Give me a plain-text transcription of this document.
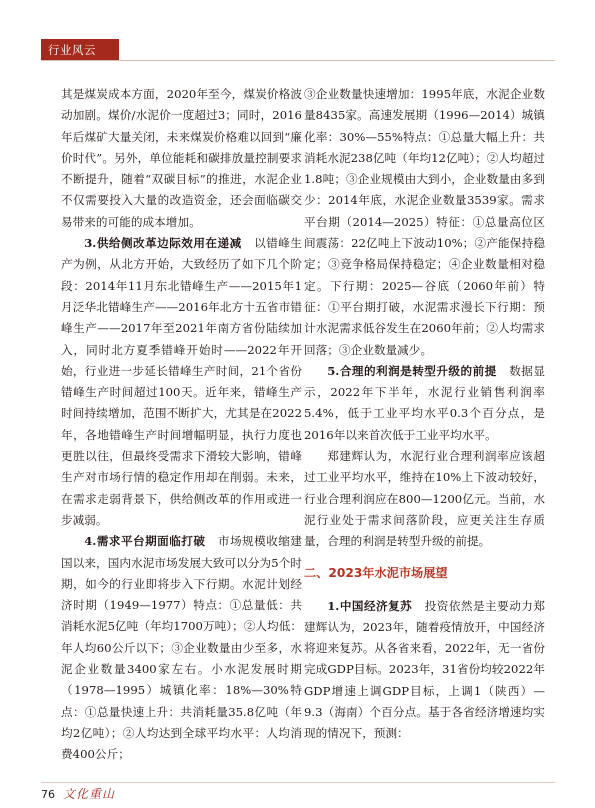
行业风云

其是煤炭成本方面，2020年至今，煤炭价格波动加剧。煤价/水泥价一度超过3；同时，2016年后煤矿大量关闭，未来煤炭价格难以回到“廉价时代”。另外，单位能耗和碳排放量控制要求不断提升，随着“双碳目标”的推进，水泥企业不仅需要投入大量的改造资金，还会面临碳交易带来的可能的成本增加。

3.供给侧改革边际效用在递减 以错峰生产为例，从北方开始，大致经历了如下几个阶段：2014年11月东北错峰生产——2015年1月泛华北错峰生产——2016年北方十五省市错峰生产——2017年至2021年南方省份陆续加入，同时北方夏季错峰开始时——2022年开始，行业进一步延长错峰生产时间，21个省份错峰生产时间超过100天。近年来，错峰生产时间持续增加，范围不断扩大，尤其是在2022年，各地错峰生产时间增幅明显，执行力度也更胜以往，但最终受需求下滑较大影响，错峰生产对市场行情的稳定作用却在削弱。未来，在需求走弱背景下，供给侧改革的作用或进一步减弱。

4.需求平台期面临打破 市场规模收缩建国以来，国内水泥市场发展大致可以分为5个时期，如今的行业即将步入下行期。水泥计划经济时期（1949—1977）特点：①总量低：共消耗水泥5亿吨（年均1700万吨）；②人均低：年人均60公斤以下；③企业数量由少至多，水泥企业数量3400家左右。小水泥发展时期（1978—1995）城镇化率：18%—30%特点：①总量快速上升：共消耗量35.8亿吨（年均2亿吨）；②人均达到全球平均水平：人均消费400公斤；

③企业数量快速增加：1995年底，水泥企业数量8435家。高速发展期（1996—2014）城镇化率：30%—55%特点：①总量大幅上升：共消耗水泥238亿吨（年均12亿吨）；②人均超过1.8吨；③企业规模由大到小，企业数量由多到少：2014年底，水泥企业数量3539家。需求平台期（2014—2025）特征：①总量高位区间震荡：22亿吨上下波动10%；②产能保持稳定；③竞争格局保持稳定；④企业数量相对稳定。下行期：2025—谷底（2060年前）特征：①平台期打破，水泥需求漫长下行期：预计水泥需求低谷发生在2060年前；②人均需求回落；③企业数量减少。

5.合理的利润是转型升级的前提 数据显示，2022年下半年，水泥行业销售利润率5.4%，低于工业平均水平0.3个百分点，是2016年以来首次低于工业平均水平。

郑建辉认为，水泥行业合理利润率应该超过工业平均水平，维持在10%上下波动较好，行业合理利润应在800—1200亿元。当前，水泥行业处于需求间落阶段，应更关注生存质量，合理的利润是转型升级的前提。

二、2023年水泥市场展望

1.中国经济复苏 投资依然是主要动力郑建辉认为，2023年，随着疫情放开，中国经济将迎来复苏。从各省来看，2022年，无一省份完成GDP目标。2023年，31省份均较2022年GDP增速上调GDP目标，上调1（陕西）—9.3（海南）个百分点。基于各省经济增速均实现的情况下，预测：

76 文化重山
